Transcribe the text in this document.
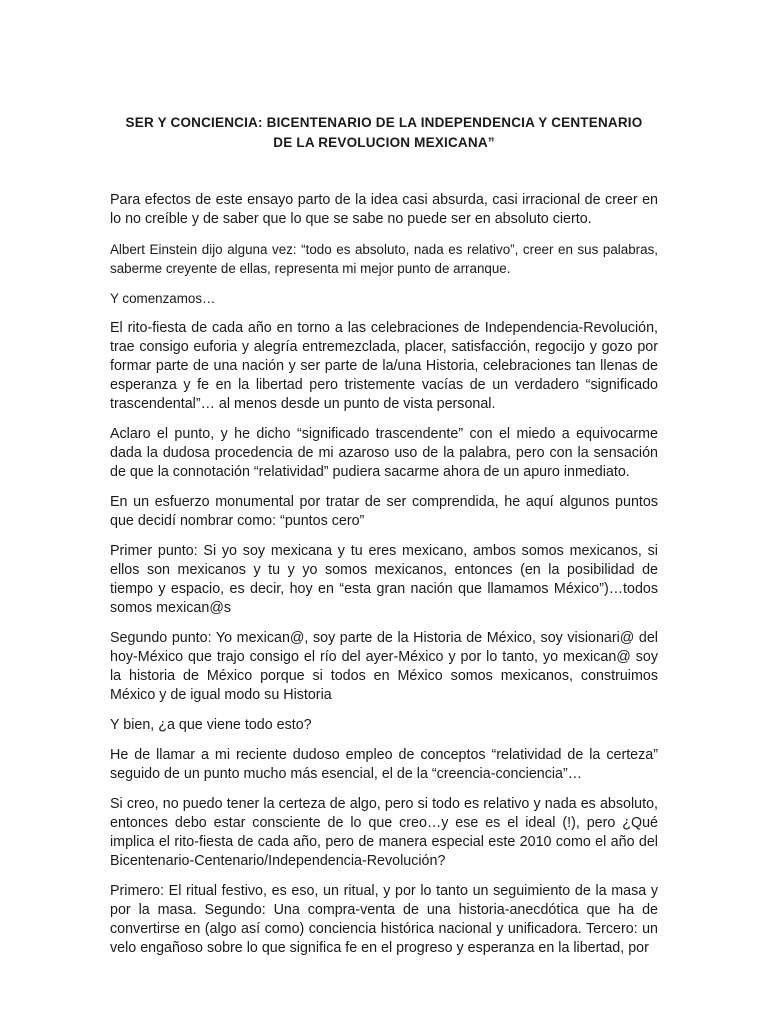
SER Y CONCIENCIA: BICENTENARIO DE LA INDEPENDENCIA Y CENTENARIO
DE LA REVOLUCION MEXICANA”

Para efectos de este ensayo parto de la idea casi absurda, casi irracional de creer en lo no creíble y de saber que lo que se sabe no puede ser en absoluto cierto.

Albert Einstein dijo alguna vez: “todo es absoluto, nada es relativo”, creer en sus palabras, saberme creyente de ellas, representa mi mejor punto de arranque.

Y comenzamos…

El rito-fiesta de cada año en torno a las celebraciones de Independencia-Revolución, trae consigo euforia y alegría entremezclada, placer, satisfacción, regocijo y gozo por formar parte de una nación y ser parte de la/una Historia, celebraciones tan llenas de esperanza y fe en la libertad pero tristemente vacías de un verdadero “significado trascendental”… al menos desde un punto de vista personal.

Aclaro el punto, y he dicho “significado trascendente” con el miedo a equivocarme dada la dudosa procedencia de mi azaroso uso de la palabra, pero con la sensación de que la connotación “relatividad” pudiera sacarme ahora de un apuro inmediato.

En un esfuerzo monumental por tratar de ser comprendida, he aquí algunos puntos que decidí nombrar como: “puntos cero”

Primer punto: Si yo soy mexicana y tu eres mexicano, ambos somos mexicanos, si ellos son mexicanos y tu y yo somos mexicanos, entonces (en la posibilidad de tiempo y espacio, es decir, hoy en “esta gran nación que llamamos México”)…todos somos mexican@s

Segundo punto: Yo mexican@, soy parte de la Historia de México, soy visionari@ del hoy-México que trajo consigo el río del ayer-México y por lo tanto, yo mexican@ soy la historia de México porque si todos en México somos mexicanos, construimos México y de igual modo su Historia

Y bien, ¿a que viene todo esto?

He de llamar a mi reciente dudoso empleo de conceptos “relatividad de la certeza” seguido de un punto mucho más esencial, el de la “creencia-conciencia”…

Si creo, no puedo tener la certeza de algo, pero si todo es relativo y nada es absoluto, entonces debo estar consciente de lo que creo…y ese es el ideal (!), pero ¿Qué implica el rito-fiesta de cada año, pero de manera especial este 2010 como el año del Bicentenario-Centenario/Independencia-Revolución?

Primero: El ritual festivo, es eso, un ritual, y por lo tanto un seguimiento de la masa y por la masa. Segundo: Una compra-venta de una historia-anecdótica que ha de convertirse en (algo así como) conciencia histórica nacional y unificadora. Tercero: un velo engañoso sobre lo que significa fe en el progreso y esperanza en la libertad, por
